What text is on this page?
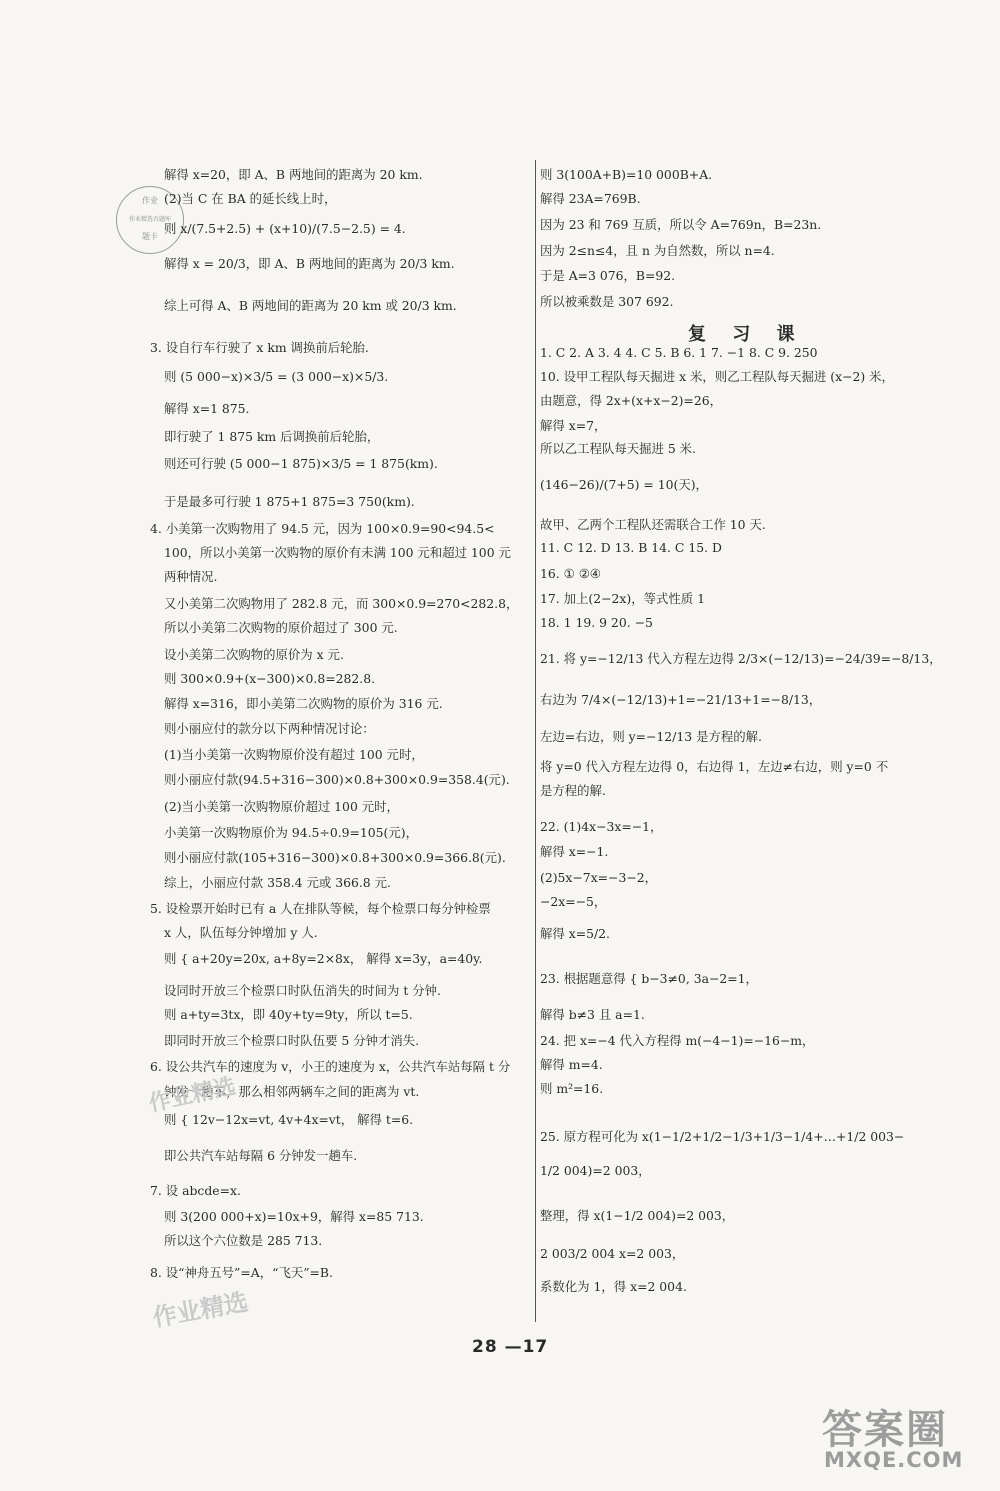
作业
作业精选吾题库
题卡
解得 x=20，即 A、B 两地间的距离为 20 km.
(2)当 C 在 BA 的延长线上时，
则 x/(7.5+2.5) + (x+10)/(7.5−2.5) = 4.
解得 x = 20/3，即 A、B 两地间的距离为 20/3 km.
综上可得 A、B 两地间的距离为 20 km 或 20/3 km.
3. 设自行车行驶了 x km 调换前后轮胎.
则 (5 000−x)×3/5 = (3 000−x)×5/3.
解得 x=1 875.
即行驶了 1 875 km 后调换前后轮胎，
则还可行驶 (5 000−1 875)×3/5 = 1 875(km).
于是最多可行驶 1 875+1 875=3 750(km).
4. 小美第一次购物用了 94.5 元，因为 100×0.9=90<94.5<
100，所以小美第一次购物的原价有未满 100 元和超过 100 元
两种情况.
又小美第二次购物用了 282.8 元，而 300×0.9=270<282.8，
所以小美第二次购物的原价超过了 300 元.
设小美第二次购物的原价为 x 元.
则 300×0.9+(x−300)×0.8=282.8.
解得 x=316，即小美第二次购物的原价为 316 元.
则小丽应付的款分以下两种情况讨论：
(1)当小美第一次购物原价没有超过 100 元时，
则小丽应付款(94.5+316−300)×0.8+300×0.9=358.4(元).
(2)当小美第一次购物原价超过 100 元时，
小美第一次购物原价为 94.5÷0.9=105(元)，
则小丽应付款(105+316−300)×0.8+300×0.9=366.8(元).
综上，小丽应付款 358.4 元或 366.8 元.
5. 设检票开始时已有 a 人在排队等候，每个检票口每分钟检票
x 人，队伍每分钟增加 y 人.
则 { a+20y=20x, a+8y=2×8x， 解得 x=3y，a=40y.
设同时开放三个检票口时队伍消失的时间为 t 分钟.
则 a+ty=3tx，即 40y+ty=9ty，所以 t=5.
即同时开放三个检票口时队伍要 5 分钟才消失.
6. 设公共汽车的速度为 v，小王的速度为 x，公共汽车站每隔 t 分
钟发一趟车，那么相邻两辆车之间的距离为 vt.
则 { 12v−12x=vt, 4v+4x=vt， 解得 t=6.
即公共汽车站每隔 6 分钟发一趟车.
7. 设 abcde=x.
则 3(200 000+x)=10x+9，解得 x=85 713.
所以这个六位数是 285 713.
8. 设“神舟五号”=A，“飞天”=B.
则 3(100A+B)=10 000B+A.
解得 23A=769B.
因为 23 和 769 互质，所以令 A=769n，B=23n.
因为 2≤n≤4，且 n 为自然数，所以 n=4.
于是 A=3 076，B=92.
所以被乘数是 307 692.
复 习 课
1. C 2. A 3. 4 4. C 5. B 6. 1 7. −1 8. C 9. 250
10. 设甲工程队每天掘进 x 米，则乙工程队每天掘进 (x−2) 米，
由题意，得 2x+(x+x−2)=26，
解得 x=7，
所以乙工程队每天掘进 5 米.
(146−26)/(7+5) = 10(天)，
故甲、乙两个工程队还需联合工作 10 天.
11. C 12. D 13. B 14. C 15. D
16. ① ②④
17. 加上(2−2x)，等式性质 1
18. 1 19. 9 20. −5
21. 将 y=−12/13 代入方程左边得 2/3×(−12/13)=−24/39=−8/13，
右边为 7/4×(−12/13)+1=−21/13+1=−8/13，
左边=右边，则 y=−12/13 是方程的解.
将 y=0 代入方程左边得 0，右边得 1，左边≠右边，则 y=0 不
是方程的解.
22. (1)4x−3x=−1，
解得 x=−1.
(2)5x−7x=−3−2，
−2x=−5，
解得 x=5/2.
23. 根据题意得 { b−3≠0, 3a−2=1，
解得 b≠3 且 a=1.
24. 把 x=−4 代入方程得 m(−4−1)=−16−m，
解得 m=4.
则 m²=16.
25. 原方程可化为 x(1−1/2+1/2−1/3+1/3−1/4+…+1/2 003−
1/2 004)=2 003，
整理，得 x(1−1/2 004)=2 003，
2 003/2 004 x=2 003，
系数化为 1，得 x=2 004.
作业精选
作业精选
28 —17
答案圈
MXQE.COM
